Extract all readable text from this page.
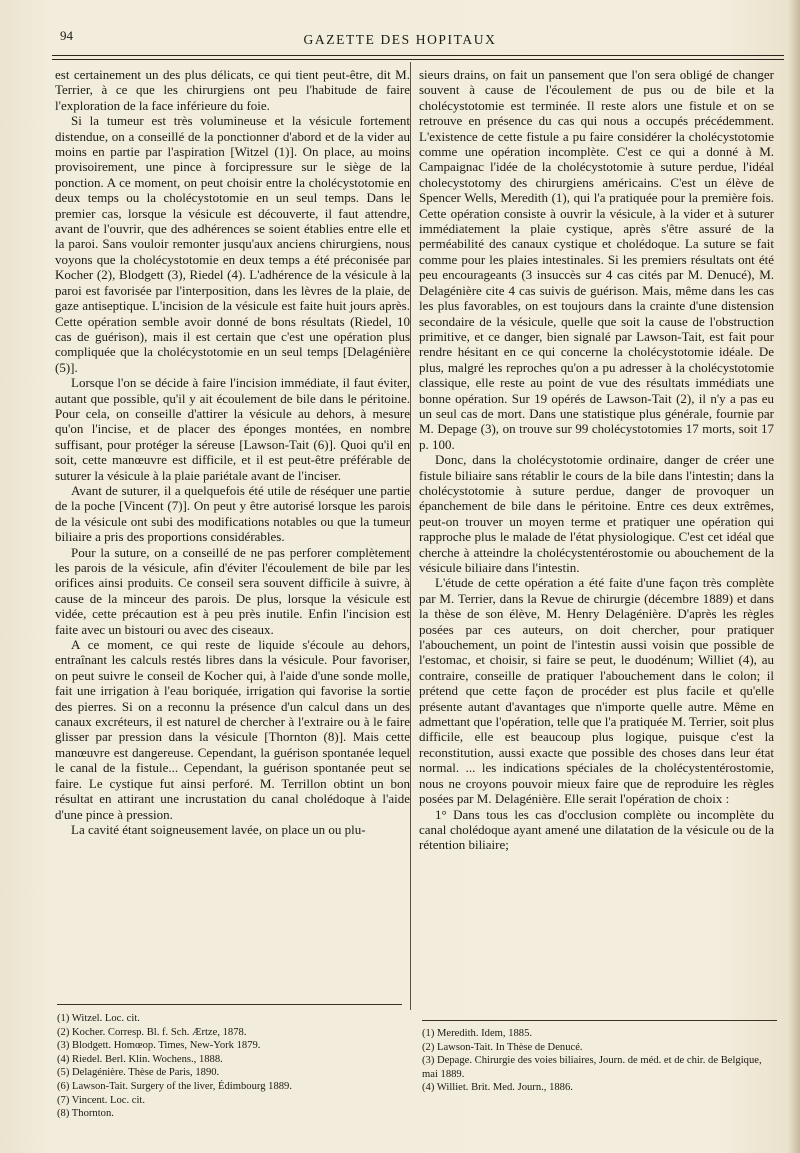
94	GAZETTE DES HOPITAUX

est certainement un des plus délicats, ce qui tient peut-être, dit M. Terrier, à ce que les chirurgiens ont peu l'habitude de faire l'exploration de la face inférieure du foie.

Si la tumeur est très volumineuse et la vésicule fortement distendue, on a conseillé de la ponctionner d'abord et de la vider au moins en partie par l'aspiration [Witzel (1)]. On place, au moins provisoirement, une pince à forcipressure sur le siège de la ponction. A ce moment, on peut choisir entre la cholécystotomie en deux temps ou la cholécystotomie en un seul temps. Dans le premier cas, lorsque la vésicule est découverte, il faut attendre, avant de l'ouvrir, que des adhérences se soient établies entre elle et la paroi. Sans vouloir remonter jusqu'aux anciens chirurgiens, nous voyons que la cholécystotomie en deux temps a été préconisée par Kocher (2), Blodgett (3), Riedel (4). L'adhérence de la vésicule à la paroi est favorisée par l'interposition, dans les lèvres de la plaie, de gaze antiseptique. L'incision de la vésicule est faite huit jours après. Cette opération semble avoir donné de bons résultats (Riedel, 10 cas de guérison), mais il est certain que c'est une opération plus compliquée que la cholécystotomie en un seul temps [Delagénière (5)].

Lorsque l'on se décide à faire l'incision immédiate, il faut éviter, autant que possible, qu'il y ait écoulement de bile dans le péritoine. Pour cela, on conseille d'attirer la vésicule au dehors, à mesure qu'on l'incise, et de placer des éponges montées, en nombre suffisant, pour protéger la séreuse [Lawson-Tait (6)]. Quoi qu'il en soit, cette manœuvre est difficile, et il est peut-être préférable de suturer la vésicule à la plaie pariétale avant de l'inciser.

Avant de suturer, il a quelquefois été utile de réséquer une partie de la poche [Vincent (7)]. On peut y être autorisé lorsque les parois de la vésicule ont subi des modifications notables ou que la tumeur biliaire a pris des proportions considérables.

Pour la suture, on a conseillé de ne pas perforer complètement les parois de la vésicule, afin d'éviter l'écoulement de bile par les orifices ainsi produits. Ce conseil sera souvent difficile à suivre, à cause de la minceur des parois. De plus, lorsque la vésicule est vidée, cette précaution est à peu près inutile. Enfin l'incision est faite avec un bistouri ou avec des ciseaux.

A ce moment, ce qui reste de liquide s'écoule au dehors, entraînant les calculs restés libres dans la vésicule. Pour favoriser, on peut suivre le conseil de Kocher qui, à l'aide d'une sonde molle, fait une irrigation à l'eau boriquée, irrigation qui favorise la sortie des pierres. Si on a reconnu la présence d'un calcul dans un des canaux excréteurs, il est naturel de chercher à l'extraire ou à le faire glisser par pression dans la vésicule [Thornton (8)]. Mais cette manœuvre est dangereuse. Cependant, la guérison spontanée lequel le canal de la fistule... Cependant, la guérison spontanée peut se faire. Le cystique fut ainsi perforé. M. Terrillon obtint un bon résultat en attirant une incrustation du canal cholédoque à l'aide d'une pince à pression.

La cavité étant soigneusement lavée, on place un ou plu-

sieurs drains, on fait un pansement que l'on sera obligé de changer souvent à cause de l'écoulement de pus ou de bile et la cholécystotomie est terminée. Il reste alors une fistule et on se retrouve en présence du cas qui nous a occupés précédemment. L'existence de cette fistule a pu faire considérer la cholécystotomie comme une opération incomplète. C'est ce qui a donné à M. Campaignac l'idée de la cholécystotomie à suture perdue, l'idéal cholecystotomy des chirurgiens américains. C'est un élève de Spencer Wells, Meredith (1), qui l'a pratiquée pour la première fois. Cette opération consiste à ouvrir la vésicule, à la vider et à suturer immédiatement la plaie cystique, après s'être assuré de la perméabilité des canaux cystique et cholédoque. La suture se fait comme pour les plaies intestinales. Si les premiers résultats ont été peu encourageants (3 insuccès sur 4 cas cités par M. Denucé), M. Delagénière cite 4 cas suivis de guérison. Mais, même dans les cas les plus favorables, on est toujours dans la crainte d'une distension secondaire de la vésicule, quelle que soit la cause de l'obstruction primitive, et ce danger, bien signalé par Lawson-Tait, est fait pour rendre hésitant en ce qui concerne la cholécystotomie idéale. De plus, malgré les reproches qu'on a pu adresser à la cholécystotomie classique, elle reste au point de vue des résultats immédiats une bonne opération. Sur 19 opérés de Lawson-Tait (2), il n'y a pas eu un seul cas de mort. Dans une statistique plus générale, fournie par M. Depage (3), on trouve sur 99 cholécystotomies 17 morts, soit 17 p. 100.

Donc, dans la cholécystotomie ordinaire, danger de créer une fistule biliaire sans rétablir le cours de la bile dans l'intestin; dans la cholécystotomie à suture perdue, danger de provoquer un épanchement de bile dans le péritoine. Entre ces deux extrêmes, peut-on trouver un moyen terme et pratiquer une opération qui rapproche plus le malade de l'état physiologique. C'est cet idéal que cherche à atteindre la cholécystentérostomie ou abouchement de la vésicule biliaire dans l'intestin.

L'étude de cette opération a été faite d'une façon très complète par M. Terrier, dans la Revue de chirurgie (décembre 1889) et dans la thèse de son élève, M. Henry Delagénière. D'après les règles posées par ces auteurs, on doit chercher, pour pratiquer l'abouchement, un point de l'intestin aussi voisin que possible de l'estomac, et choisir, si faire se peut, le duodénum; Williet (4), au contraire, conseille de pratiquer l'abouchement dans le colon; il prétend que cette façon de procéder est plus facile et qu'elle présente autant d'avantages que n'importe quelle autre. Même en admettant que l'opération, telle que l'a pratiquée M. Terrier, soit plus difficile, elle est beaucoup plus logique, puisque c'est la reconstitution, aussi exacte que possible des choses dans leur état normal. ... les indications spéciales de la cholécystentérostomie, nous ne croyons pouvoir mieux faire que de reproduire les règles posées par M. Delagénière. Elle serait l'opération de choix :

1° Dans tous les cas d'occlusion complète ou incomplète du canal cholédoque ayant amené une dilatation de la vésicule ou de la rétention biliaire;

(1) Witzel. Loc. cit.
(2) Kocher. Corresp. Bl. f. Sch. Ærtze, 1878.
(3) Blodgett. Homœop. Times, New-York 1879.
(4) Riedel. Berl. Klin. Wochens., 1888.
(5) Delagénière. Thèse de Paris, 1890.
(6) Lawson-Tait. Surgery of the liver, Édimbourg 1889.
(7) Vincent. Loc. cit.
(8) Thornton.
(1) Meredith. Idem, 1885.
(2) Lawson-Tait. In Thèse de Denucé.
(3) Depage. Chirurgie des voies biliaires, Journ. de méd. et de chir. de Belgique, mai 1889.
(4) Williet. Brit. Med. Journ., 1886.
